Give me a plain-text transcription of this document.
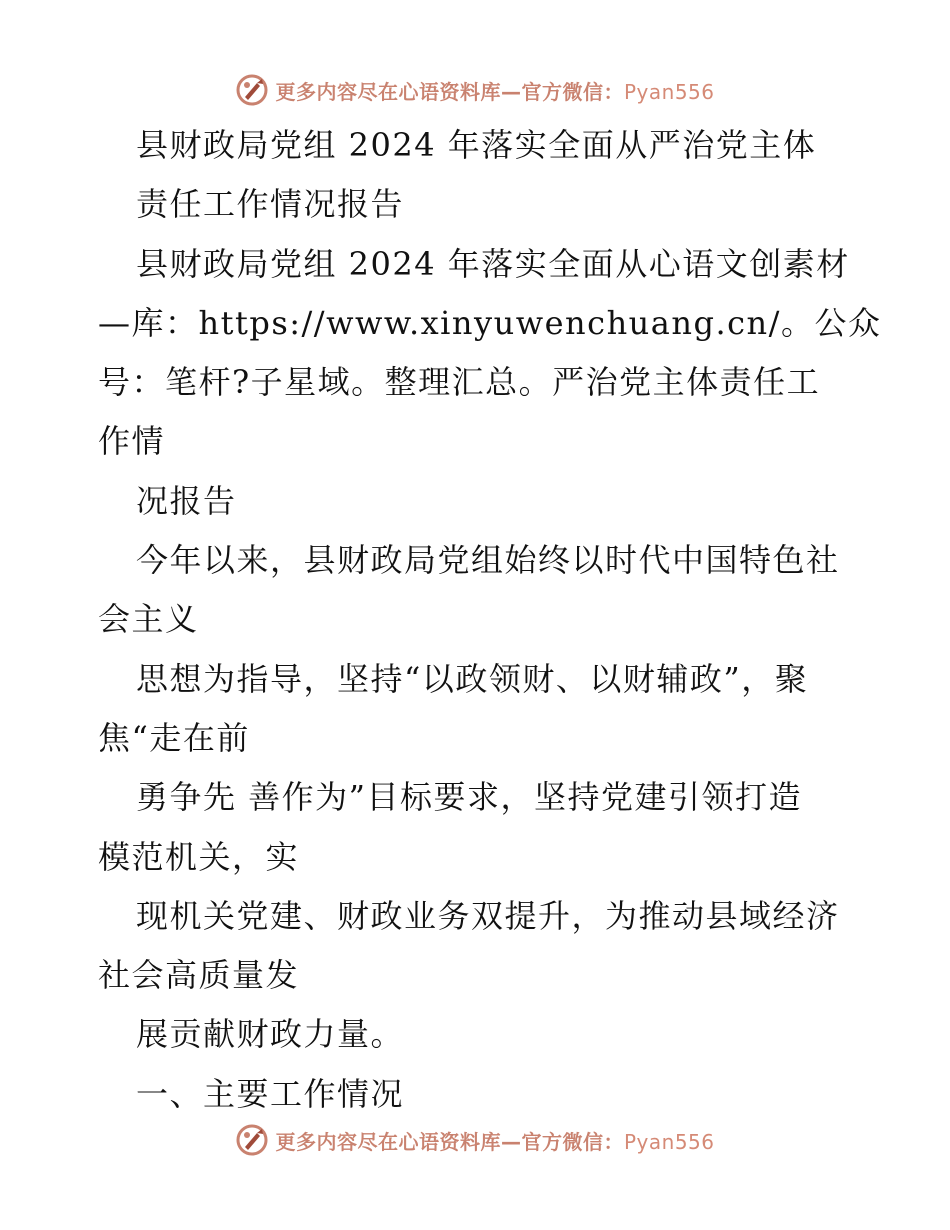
更多内容尽在心语资料库—官方微信：Pyan556
县财政局党组 2024 年落实全面从严治党主体
责任工作情况报告
县财政局党组 2024 年落实全面从心语文创素材
—库：https://www.xinyuwenchuang.cn/。公众
号：笔杆?子星域。整理汇总。严治党主体责任工
作情
况报告
今年以来，县财政局党组始终以时代中国特色社
会主义
思想为指导，坚持“以政领财、以财辅政”，聚
焦“走在前
勇争先 善作为”目标要求，坚持党建引领打造
模范机关，实
现机关党建、财政业务双提升，为推动县域经济
社会高质量发
展贡献财政力量。
一、主要工作情况
更多内容尽在心语资料库—官方微信：Pyan556
